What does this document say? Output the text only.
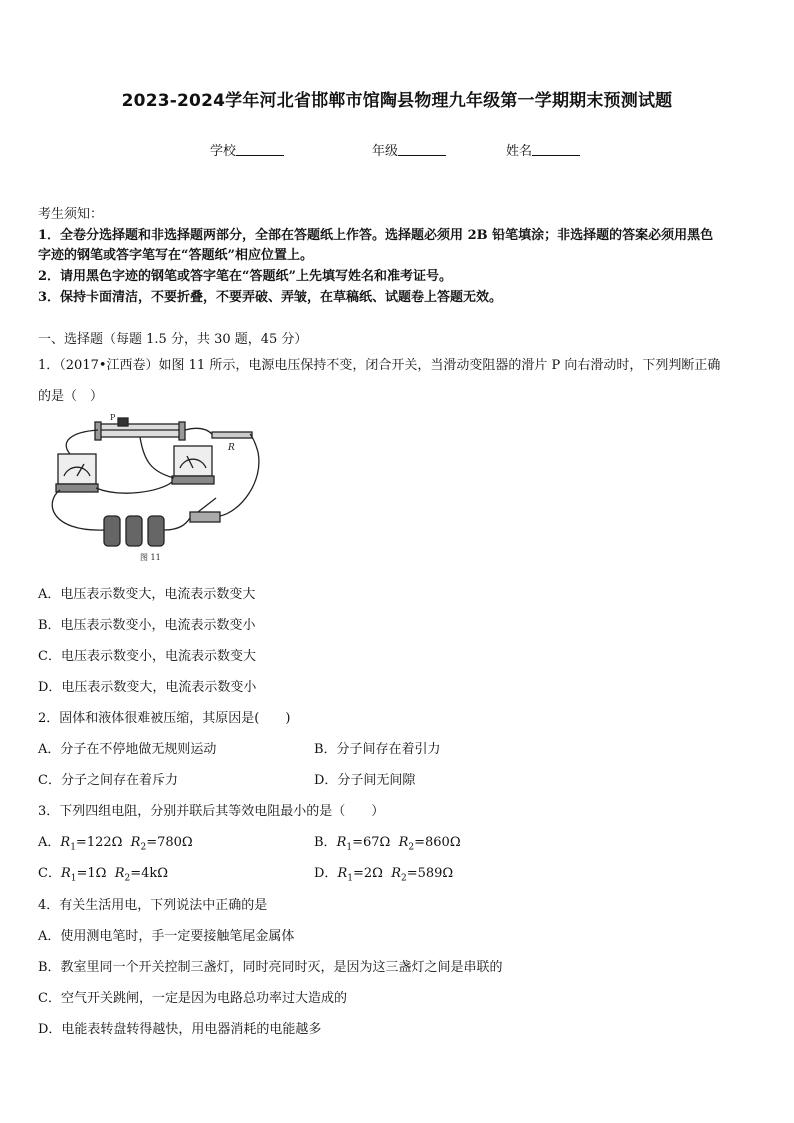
2023-2024学年河北省邯郸市馆陶县物理九年级第一学期期末预测试题
学校	年级	姓名
考生须知：
1．全卷分选择题和非选择题两部分，全部在答题纸上作答。选择题必须用 2B 铅笔填涂；非选择题的答案必须用黑色
字迹的钢笔或答字笔写在“答题纸”相应位置上。
2．请用黑色字迹的钢笔或答字笔在“答题纸”上先填写姓名和准考证号。
3．保持卡面清洁，不要折叠，不要弄破、弄皱，在草稿纸、试题卷上答题无效。
一、选择题（每题 1.5 分，共 30 题，45 分）
1．（2017•江西卷）如图 11 所示，电源电压保持不变，闭合开关，当滑动变阻器的滑片 P 向右滑动时，下列判断正确
的是（　）
P
R
图 11
A．电压表示数变大，电流表示数变大
B．电压表示数变小，电流表示数变小
C．电压表示数变小，电流表示数变大
D．电压表示数变大，电流表示数变小
2．固体和液体很难被压缩，其原因是(　　)
A．分子在不停地做无规则运动	B．分子间存在着引力
C．分子之间存在着斥力	D．分子间无间隙
3．下列四组电阻，分别并联后其等效电阻最小的是（　　）
A．$R_1=122\Omega$ $R_2=780\Omega$	B．$R_1=67\Omega$ $R_2=860\Omega$
C．$R_1=1\Omega$ $R_2=4k\Omega$	D．$R_1=2\Omega$ $R_2=589\Omega$
4．有关生活用电，下列说法中正确的是
A．使用测电笔时，手一定要接触笔尾金属体
B．教室里同一个开关控制三盏灯，同时亮同时灭，是因为这三盏灯之间是串联的
C．空气开关跳闸，一定是因为电路总功率过大造成的
D．电能表转盘转得越快，用电器消耗的电能越多
